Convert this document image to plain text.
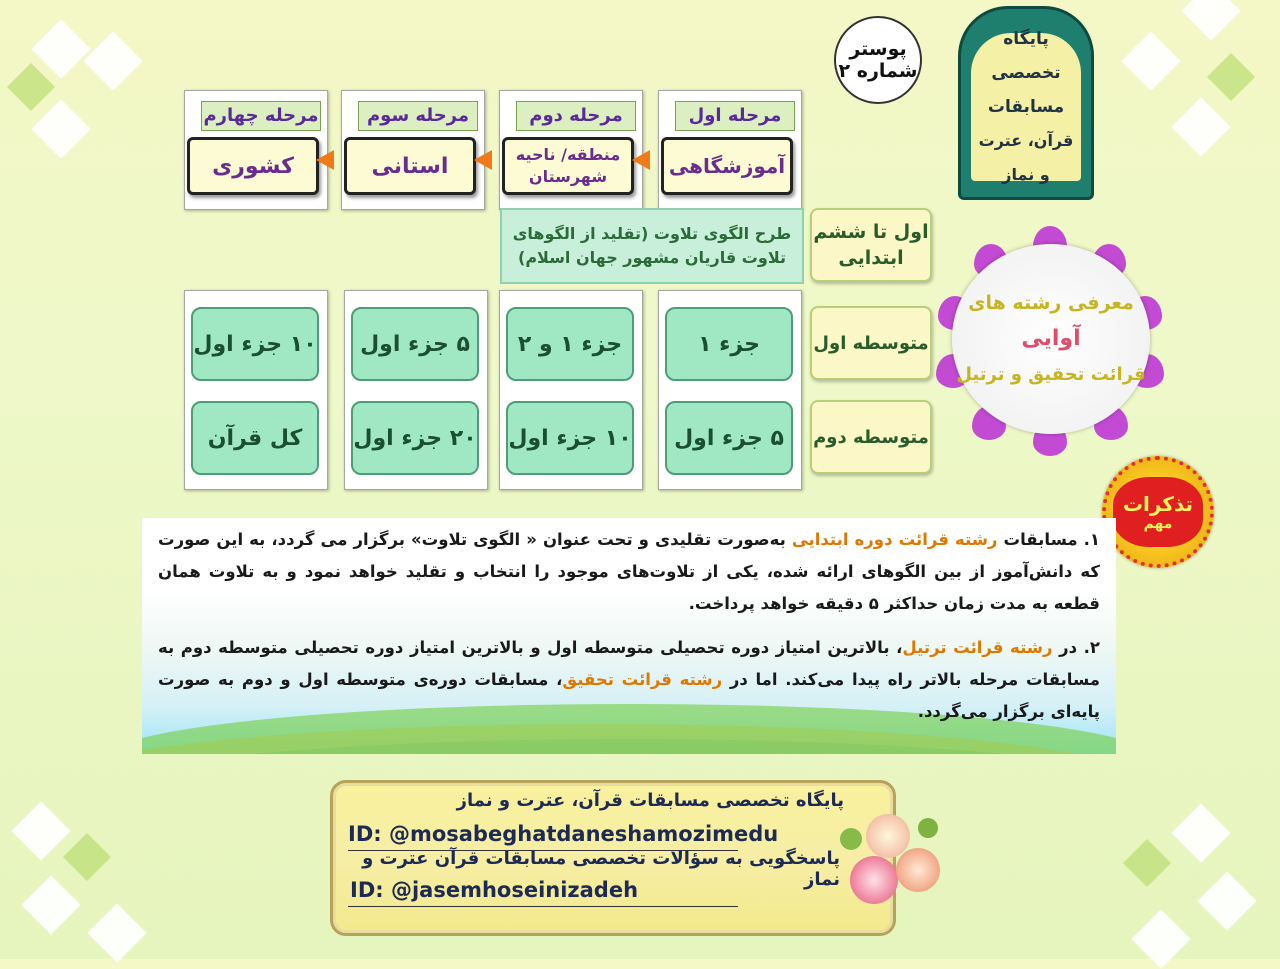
پوستر
شماره ۲
پایگاه تخصصی
مسابقات
قرآن، عترت و نماز
مرحله چهارم
کشوری
مرحله سوم
استانی
مرحله دوم
منطقه/ ناحیه
شهرستان
مرحله اول
آموزشگاهی
طرح الگوی تلاوت (تقلید از الگوهای
تلاوت قاریان مشهور جهان اسلام)
اول تا ششم
ابتدایی
متوسطه اول
متوسطه دوم
۱۰ جزء اول
کل قرآن
۵ جزء اول
۲۰ جزء اول
جزء ۱ و ۲
۱۰ جزء اول
جزء ۱
۵ جزء اول
معرفی رشته های
آوایی
قرائت تحقیق و ترتیل
تذکرات
مهم

۱. مسابقات رشته قرائت دوره ابتدایی به‌صورت تقلیدی و تحت عنوان « الگوی تلاوت» برگزار می گردد، به این صورت که دانش‌آموز از بین الگوهای ارائه شده، یکی از تلاوت‌های موجود را انتخاب و تقلید خواهد نمود و به تلاوت همان قطعه به مدت زمان حداکثر ۵ دقیقه خواهد پرداخت.

۲. در رشته قرائت ترتیل، بالاترین امتیاز دوره تحصیلی متوسطه اول و بالاترین امتیاز دوره تحصیلی متوسطه دوم به مسابقات مرحله بالاتر راه پیدا می‌کند. اما در رشته قرائت تحقیق، مسابقات دوره‌ی متوسطه اول و دوم به صورت پایه‌ای برگزار می‌گردد.

پایگاه تخصصی مسابقات قرآن، عترت و نماز
ID: @mosabeghatdaneshamozimedu
پاسخگویی به سؤالات تخصصی مسابقات قرآن عترت و نماز
ID: @jasemhoseinizadeh
